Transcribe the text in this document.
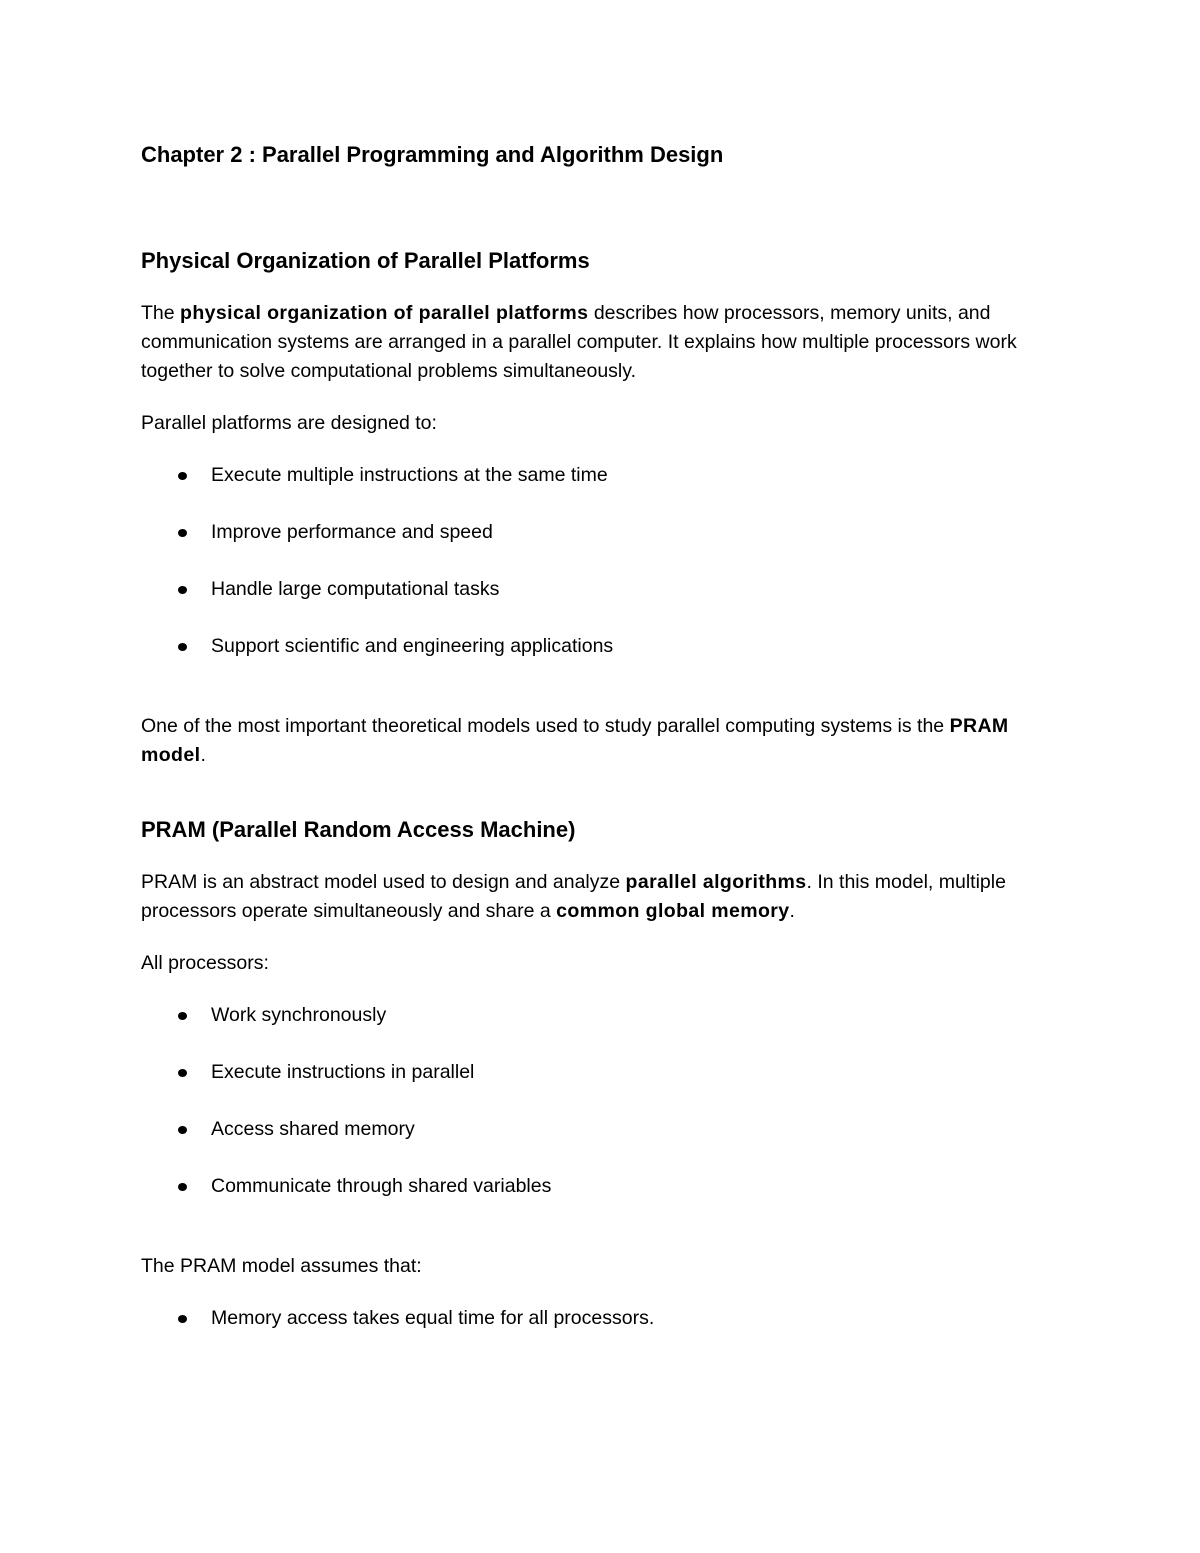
Chapter 2 : Parallel Programming and Algorithm Design
Physical Organization of Parallel Platforms

The physical organization of parallel platforms describes how processors, memory units, and communication systems are arranged in a parallel computer. It explains how multiple processors work together to solve computational problems simultaneously.

Parallel platforms are designed to:

Execute multiple instructions at the same time
Improve performance and speed
Handle large computational tasks
Support scientific and engineering applications

One of the most important theoretical models used to study parallel computing systems is the PRAM model.

PRAM (Parallel Random Access Machine)

PRAM is an abstract model used to design and analyze parallel algorithms. In this model, multiple processors operate simultaneously and share a common global memory.

All processors:

Work synchronously
Execute instructions in parallel
Access shared memory
Communicate through shared variables

The PRAM model assumes that:

Memory access takes equal time for all processors.
